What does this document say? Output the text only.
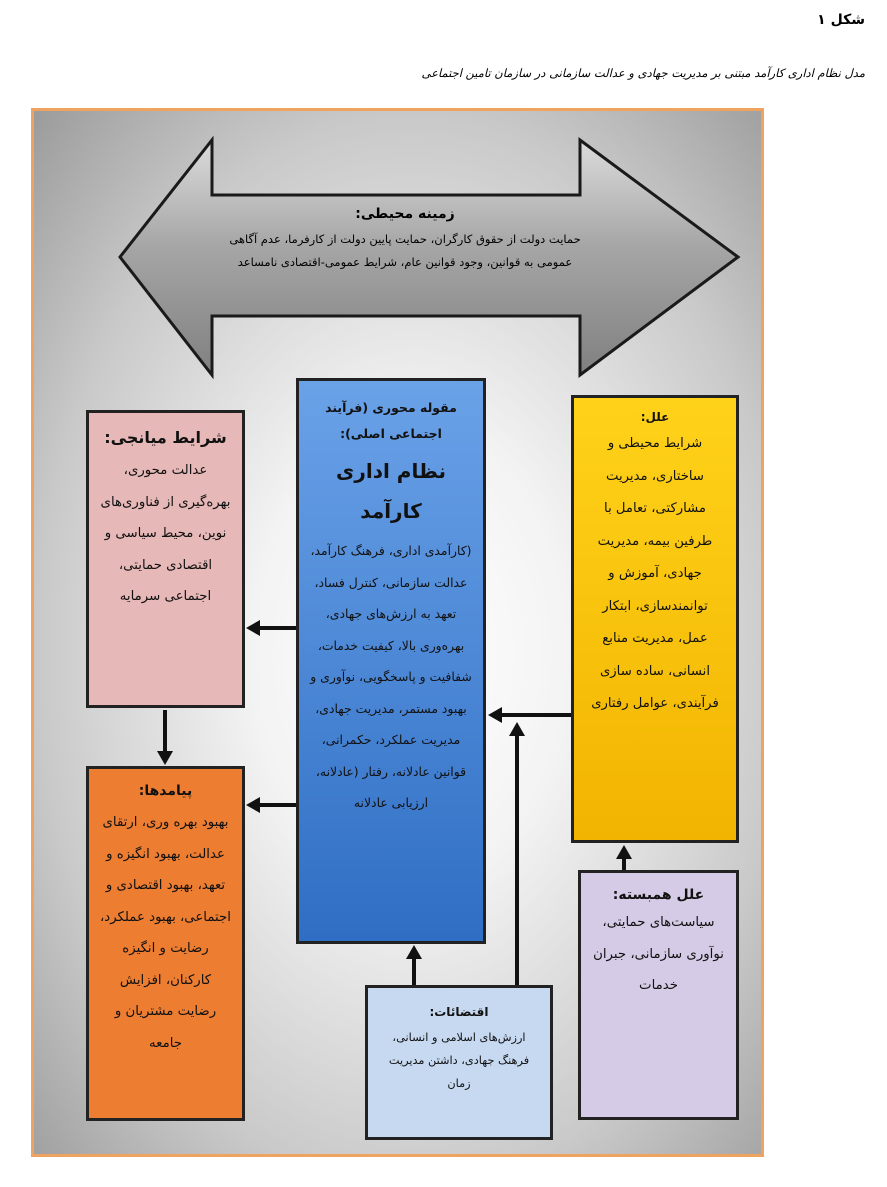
شکل ۱
مدل نظام اداری کارآمد مبتنی بر مدیریت جهادی و عدالت سازمانی در سازمان تامین اجتماعی
زمینه محیطی:
حمایت دولت از حقوق کارگران، حمایت پایین دولت از کارفرما، عدم آگاهی
عمومی به قوانین، وجود قوانین عام، شرایط عمومی-اقتصادی نامساعد
علل:
شرایط محیطی و ساختاری، مدیریت مشارکتی، تعامل با طرفین بیمه، مدیریت جهادی، آموزش و توانمندسازی، ابتکار عمل، مدیریت منابع انسانی، ساده سازی فرآیندی، عوامل رفتاری
مقوله محوری (فرآیند اجتماعی اصلی):
نظام اداری کارآمد
(کارآمدی اداری، فرهنگ کارآمد، عدالت سازمانی، کنترل فساد، تعهد به ارزش‌های جهادی، بهره‌وری بالا، کیفیت خدمات، شفافیت و پاسخگویی، نوآوری و بهبود مستمر، مدیریت جهادی، مدیریت عملکرد، حکمرانی، قوانین عادلانه، رفتار (عادلانه، ارزیابی عادلانه
شرایط میانجی:
عدالت محوری، بهره‌گیری از فناوری‌های نوین، محیط سیاسی و اقتصادی حمایتی، اجتماعی سرمایه
پیامدها:
بهبود بهره وری، ارتقای عدالت، بهبود انگیزه و تعهد، بهبود اقتصادی و اجتماعی، بهبود عملکرد، رضایت و انگیزه کارکنان، افزایش رضایت مشتریان و جامعه
علل همبسته:
سیاست‌های حمایتی، نوآوری سازمانی، جبران خدمات
اقتضائات:
ارزش‌های اسلامی و انسانی، فرهنگ جهادی، داشتن مدیریت زمان
